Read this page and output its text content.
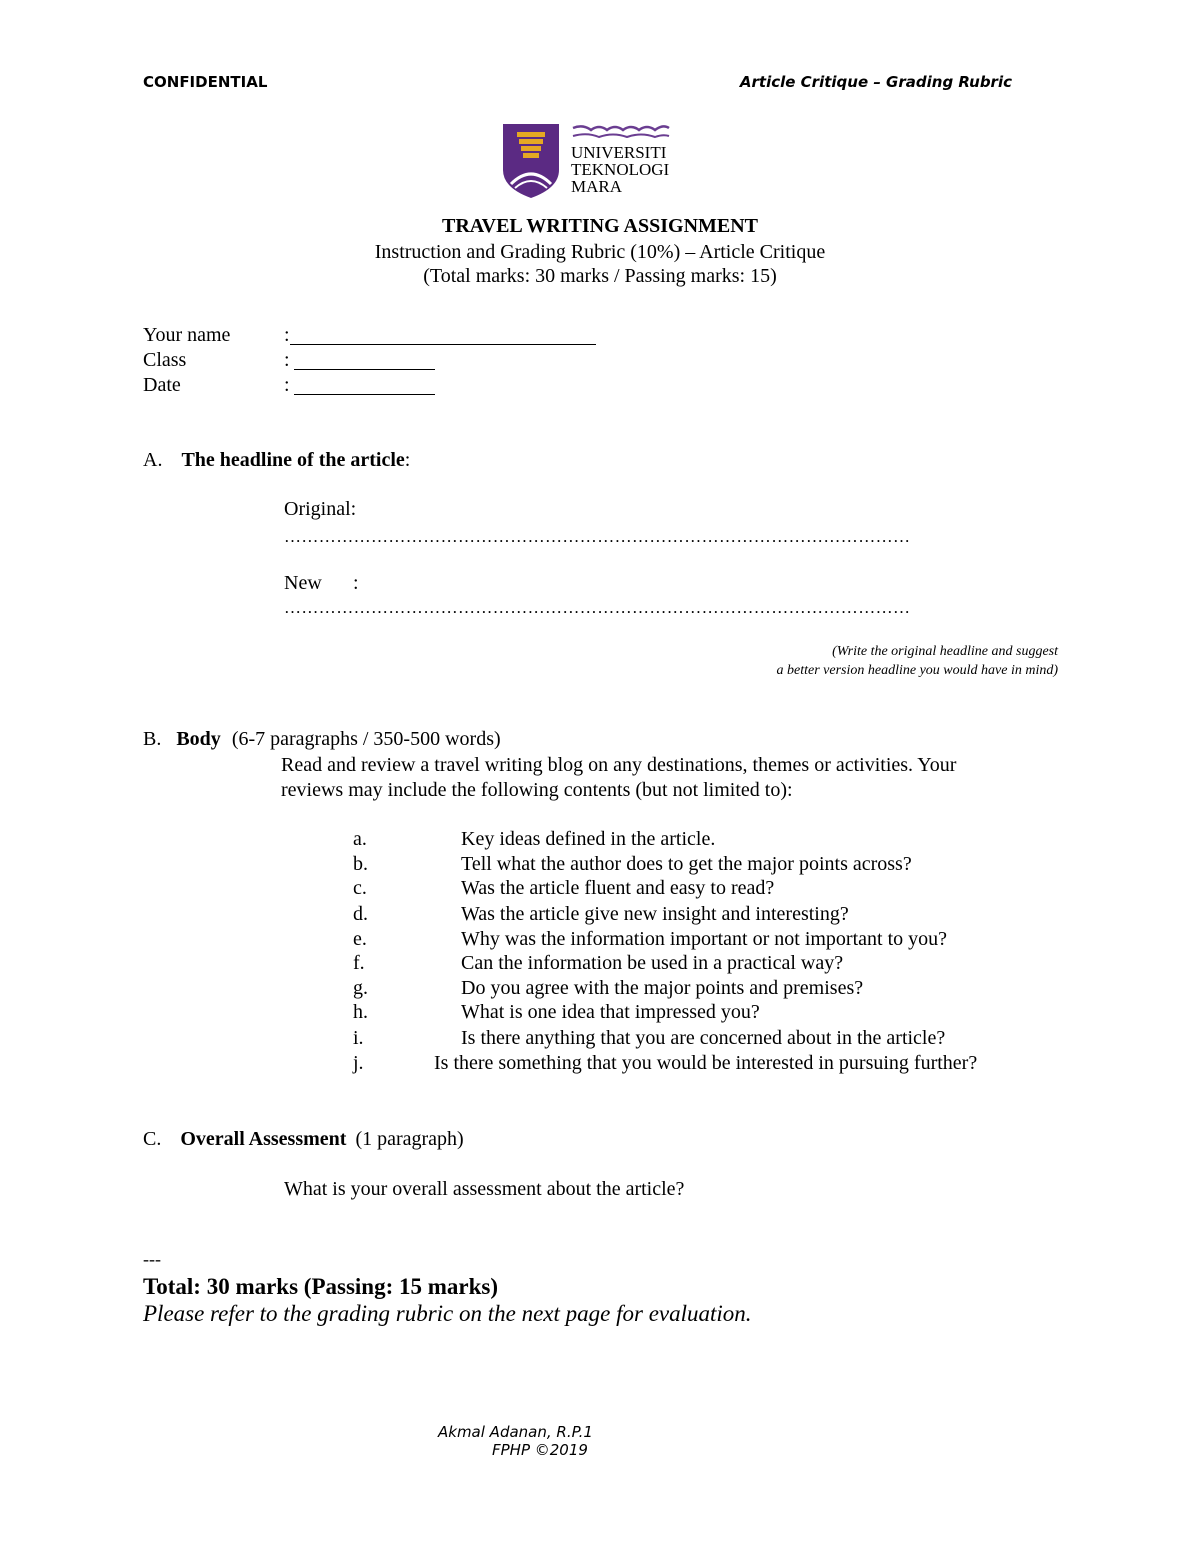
CONFIDENTIAL	Article Critique – Grading Rubric
UNIVERSITI
TEKNOLOGI
MARA
TRAVEL WRITING ASSIGNMENT
Instruction and Grading Rubric (10%) – Article Critique
(Total marks: 30 marks / Passing marks: 15)
Your name	:
Class	:
Date	:
A. The headline of the article:
Original:
………………………………………………………………………………………………
New :
………………………………………………………………………………………………
(Write the original headline and suggest
a better version headline you would have in mind)
B. Body (6-7 paragraphs / 350-500 words)
Read and review a travel writing blog on any destinations, themes or activities. Your
reviews may include the following contents (but not limited to):
a.	Key ideas defined in the article.
b.	Tell what the author does to get the major points across?
c.	Was the article fluent and easy to read?
d.	Was the article give new insight and interesting?
e.	Why was the information important or not important to you?
f.	Can the information be used in a practical way?
g.	Do you agree with the major points and premises?
h.	What is one idea that impressed you?
i.	Is there anything that you are concerned about in the article?
j.	Is there something that you would be interested in pursuing further?
C. Overall Assessment (1 paragraph)
What is your overall assessment about the article?
---
Total: 30 marks (Passing: 15 marks)
Please refer to the grading rubric on the next page for evaluation.
Akmal Adanan, R.P.1
FPHP ©2019
